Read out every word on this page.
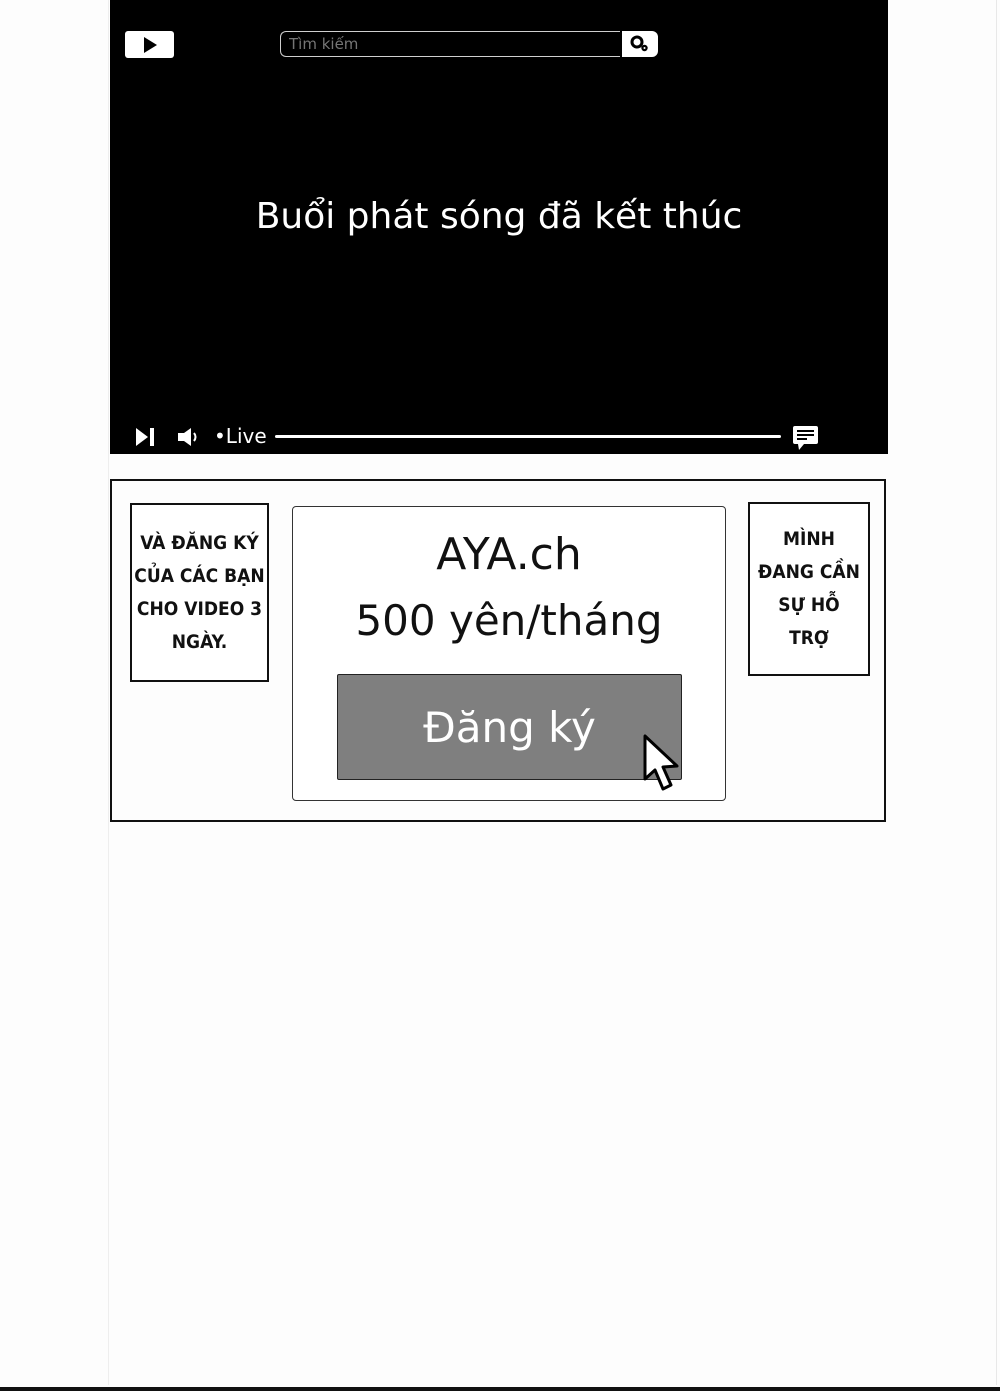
Tìm kiếm
Buổi phát sóng đã kết thúc
•Live
VÀ ĐĂNG KÝ
CỦA CÁC BẠN
CHO VIDEO 3
NGÀY.
AYA.ch
500 yên/tháng
Đăng ký
MÌNH
ĐANG CẦN
SỰ HỖ
TRỢ
